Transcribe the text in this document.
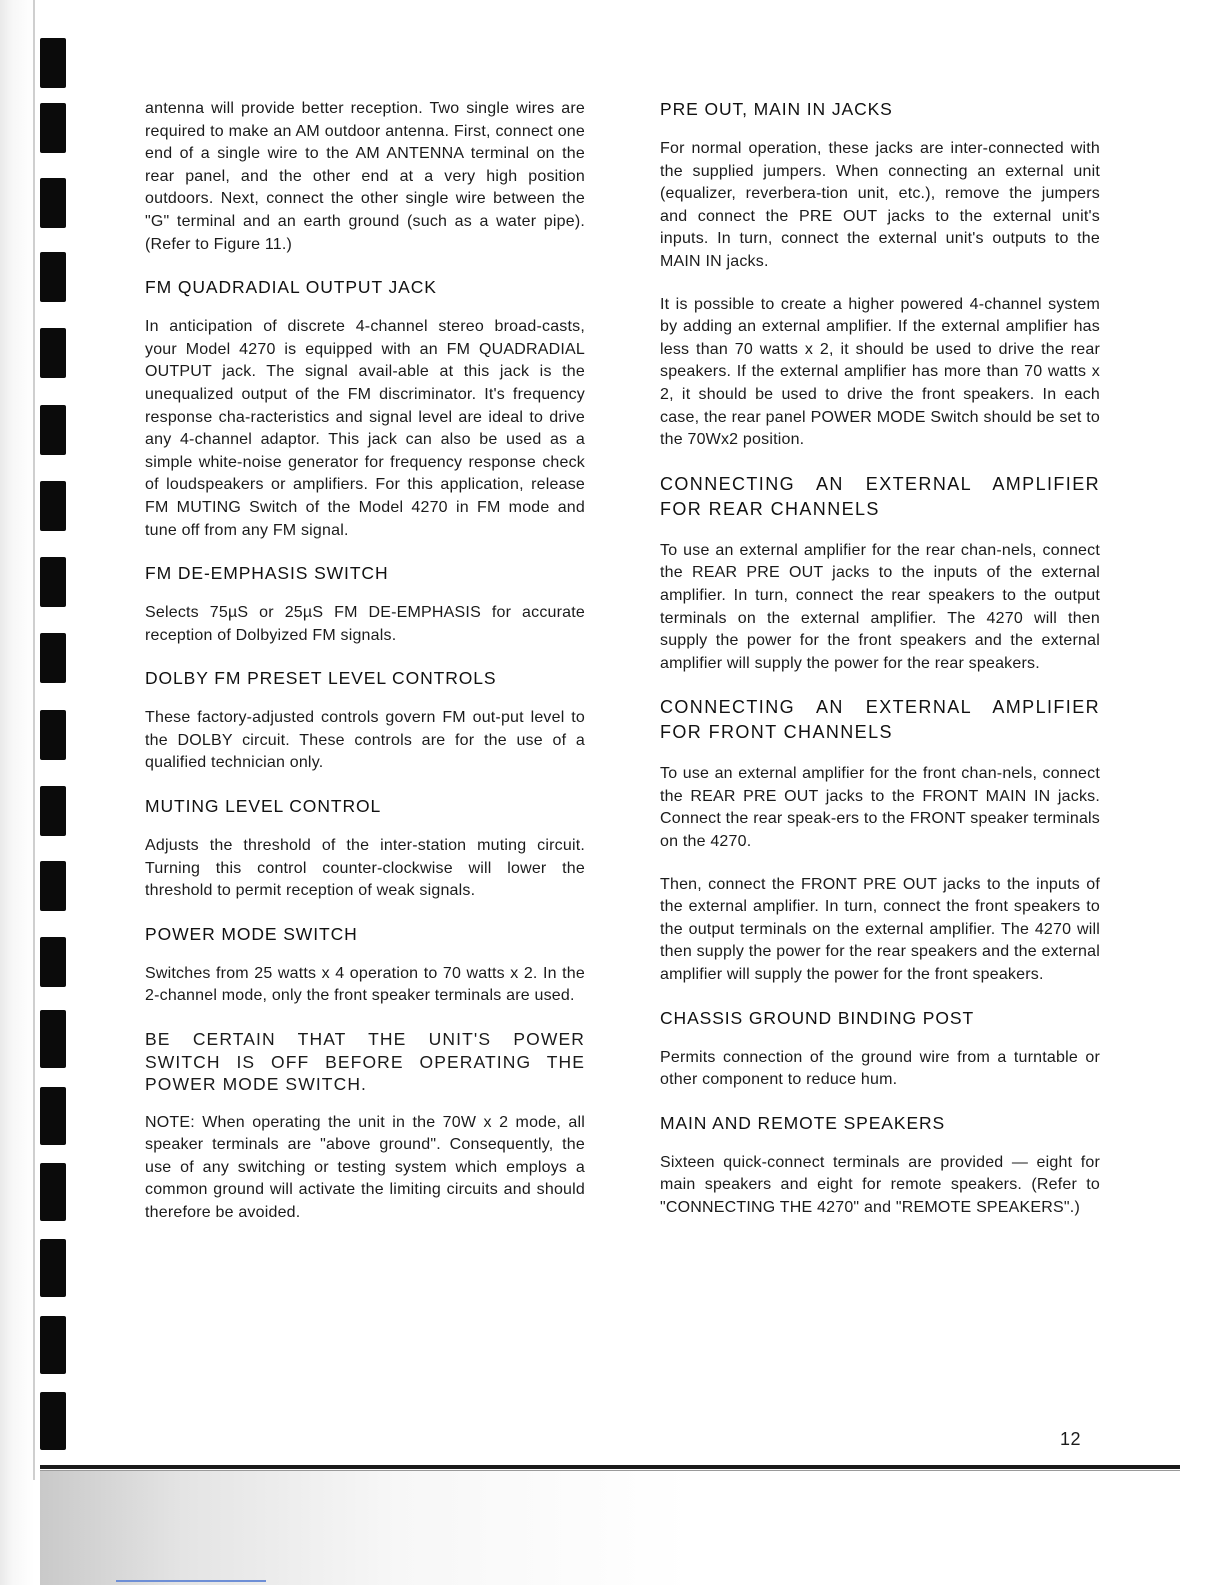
antenna will provide better reception. Two single wires are required to make an AM outdoor antenna. First, connect one end of a single wire to the AM ANTENNA terminal on the rear panel, and the other end at a very high position outdoors. Next, connect the other single wire between the "G" terminal and an earth ground (such as a water pipe). (Refer to Figure 11.)

FM QUADRADIAL OUTPUT JACK

In anticipation of discrete 4-channel stereo broad-casts, your Model 4270 is equipped with an FM QUADRADIAL OUTPUT jack. The signal avail-able at this jack is the unequalized output of the FM discriminator. It's frequency response cha-racteristics and signal level are ideal to drive any 4-channel adaptor. This jack can also be used as a simple white-noise generator for frequency response check of loudspeakers or amplifiers. For this application, release FM MUTING Switch of the Model 4270 in FM mode and tune off from any FM signal.

FM DE-EMPHASIS SWITCH

Selects 75µS or 25µS FM DE-EMPHASIS for accurate reception of Dolbyized FM signals.

DOLBY FM PRESET LEVEL CONTROLS

These factory-adjusted controls govern FM out-put level to the DOLBY circuit. These controls are for the use of a qualified technician only.

MUTING LEVEL CONTROL

Adjusts the threshold of the inter-station muting circuit. Turning this control counter-clockwise will lower the threshold to permit reception of weak signals.

POWER MODE SWITCH

Switches from 25 watts x 4 operation to 70 watts x 2. In the 2-channel mode, only the front speaker terminals are used.

BE CERTAIN THAT THE UNIT'S POWER SWITCH IS OFF BEFORE OPERATING THE POWER MODE SWITCH.

NOTE: When operating the unit in the 70W x 2 mode, all speaker terminals are "above ground". Consequently, the use of any switching or testing system which employs a common ground will activate the limiting circuits and should therefore be avoided.

PRE OUT, MAIN IN JACKS

For normal operation, these jacks are inter-connected with the supplied jumpers. When connecting an external unit (equalizer, reverbera-tion unit, etc.), remove the jumpers and connect the PRE OUT jacks to the external unit's inputs. In turn, connect the external unit's outputs to the MAIN IN jacks.

It is possible to create a higher powered 4-channel system by adding an external amplifier. If the external amplifier has less than 70 watts x 2, it should be used to drive the rear speakers. If the external amplifier has more than 70 watts x 2, it should be used to drive the front speakers. In each case, the rear panel POWER MODE Switch should be set to the 70Wx2 position.

CONNECTING AN EXTERNAL AMPLIFIER FOR REAR CHANNELS

To use an external amplifier for the rear chan-nels, connect the REAR PRE OUT jacks to the inputs of the external amplifier. In turn, connect the rear speakers to the output terminals on the external amplifier. The 4270 will then supply the power for the front speakers and the external amplifier will supply the power for the rear speakers.

CONNECTING AN EXTERNAL AMPLIFIER FOR FRONT CHANNELS

To use an external amplifier for the front chan-nels, connect the REAR PRE OUT jacks to the FRONT MAIN IN jacks. Connect the rear speak-ers to the FRONT speaker terminals on the 4270.

Then, connect the FRONT PRE OUT jacks to the inputs of the external amplifier. In turn, connect the front speakers to the output terminals on the external amplifier. The 4270 will then supply the power for the rear speakers and the external amplifier will supply the power for the front speakers.

CHASSIS GROUND BINDING POST

Permits connection of the ground wire from a turntable or other component to reduce hum.

MAIN AND REMOTE SPEAKERS

Sixteen quick-connect terminals are provided — eight for main speakers and eight for remote speakers. (Refer to "CONNECTING THE 4270" and "REMOTE SPEAKERS".)

12
